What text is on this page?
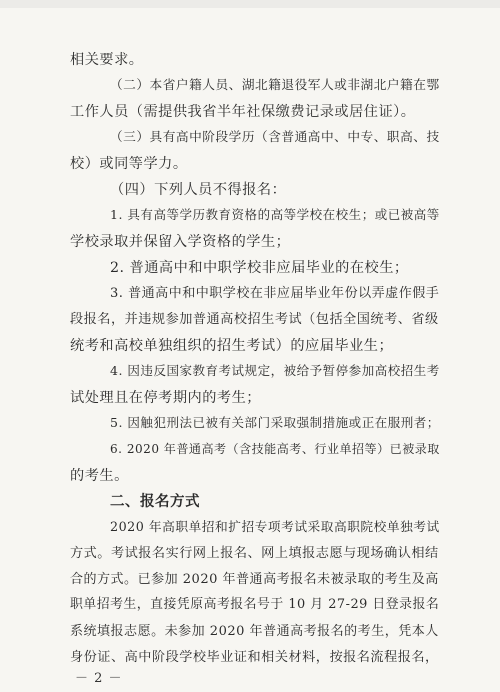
相关要求。
（二）本省户籍人员、湖北籍退役军人或非湖北户籍在鄂
工作人员（需提供我省半年社保缴费记录或居住证）。
（三）具有高中阶段学历（含普通高中、中专、职高、技
校）或同等学力。
（四）下列人员不得报名：
1. 具有高等学历教育资格的高等学校在校生；或已被高等
学校录取并保留入学资格的学生；
2. 普通高中和中职学校非应届毕业的在校生；
3. 普通高中和中职学校在非应届毕业年份以弄虚作假手
段报名，并违规参加普通高校招生考试（包括全国统考、省级
统考和高校单独组织的招生考试）的应届毕业生；
4. 因违反国家教育考试规定，被给予暂停参加高校招生考
试处理且在停考期内的考生；
5. 因触犯刑法已被有关部门采取强制措施或正在服刑者；
6. 2020 年普通高考（含技能高考、行业单招等）已被录取
的考生。
二、报名方式
2020 年高职单招和扩招专项考试采取高职院校单独考试
方式。考试报名实行网上报名、网上填报志愿与现场确认相结
合的方式。已参加 2020 年普通高考报名未被录取的考生及高
职单招考生，直接凭原高考报名号于 10 月 27-29 日登录报名
系统填报志愿。未参加 2020 年普通高考报名的考生，凭本人
身份证、高中阶段学校毕业证和相关材料，按报名流程报名，
－ 2 －
